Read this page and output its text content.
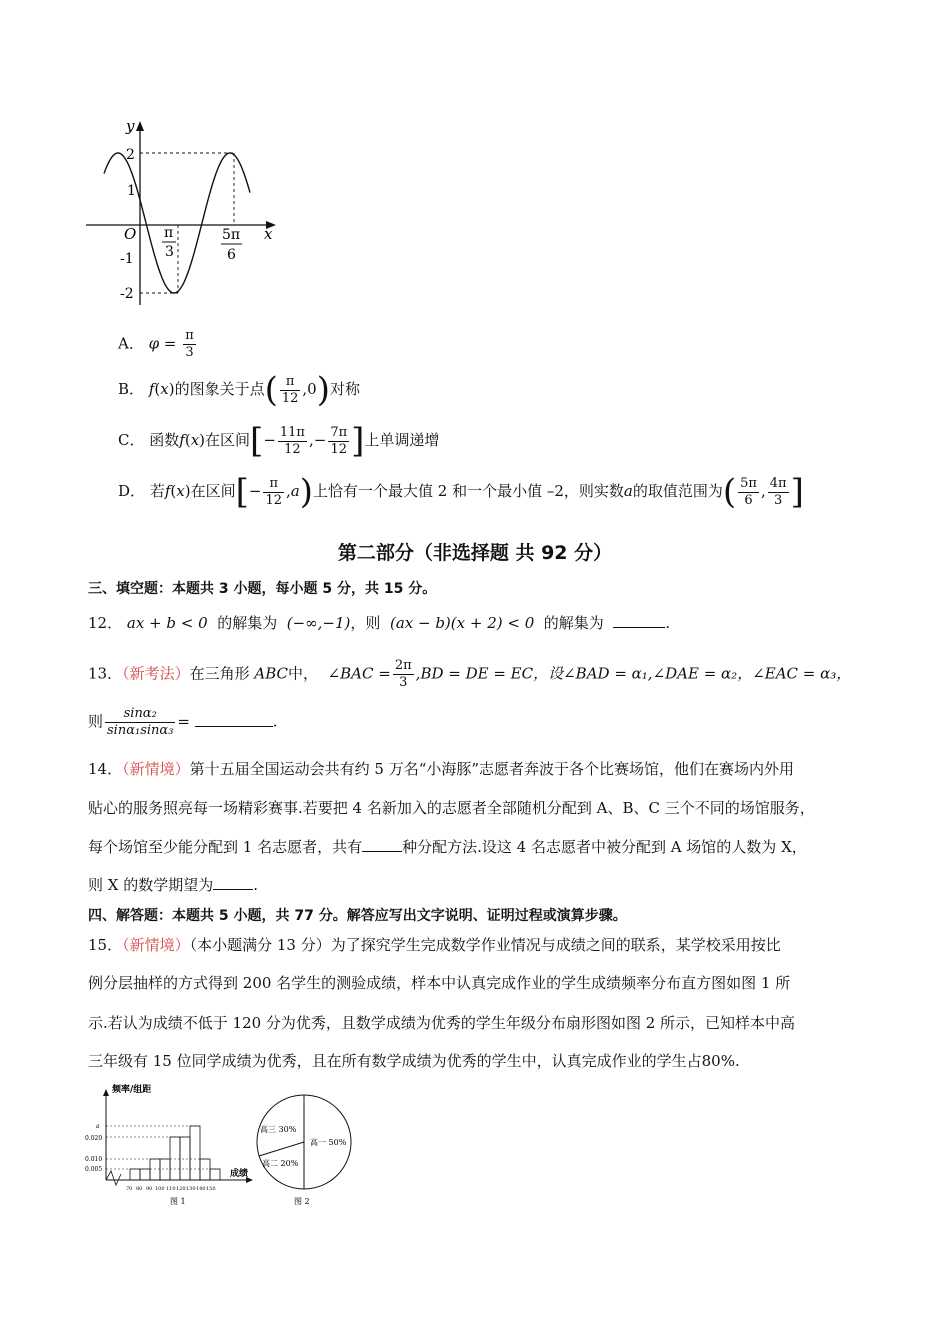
y
x
O
2
1
-1
-2
π
3
5π
6
A． $\varphi = \frac{\pi}{3}$
B． f(x)的图象关于点( $\frac{\pi}{12} ,0$)对称
C． 函数f(x)在区间[− $\frac{11\pi}{12}$ ,− $\frac{7\pi}{12}$ ]上单调递增
D． 若f(x)在区间[− $\frac{\pi}{12} ,a$)上恰有一个最大值 2 和一个最小值 –2，则实数a的取值范围为( $\frac{5\pi}{6}$ , $\frac{4\pi}{3}$ ]
第二部分（非选择题 共 92 分）
三、填空题：本题共 3 小题，每小题 5 分，共 15 分。
12． ax + b < 0 的解集为 (−∞,−1)，则 (ax − b)(x + 2) < 0 的解集为	.
13．（新考法）在三角形 ABC中， ∠BAC = $\frac{2\pi}{3} ,BD$ = DE = EC，设∠BAD = α₁,∠DAE = α₂，∠EAC = α₃，
则 $\frac{\text{sinα₂}}{\text{sinα₁sinα₃}}$ =	.
14．（新情境）第十五届全国运动会共有约 5 万名“小海豚”志愿者奔波于各个比赛场馆，他们在赛场内外用
贴心的服务照亮每一场精彩赛事.若要把 4 名新加入的志愿者全部随机分配到 A、B、C 三个不同的场馆服务，
每个场馆至少能分配到 1 名志愿者，共有	种分配方法.设这 4 名志愿者中被分配到 A 场馆的人数为 X，
则 X 的数学期望为	.
四、解答题：本题共 5 小题，共 77 分。解答应写出文字说明、证明过程或演算步骤。
15．（新情境）（本小题满分 13 分）为了探究学生完成数学作业情况与成绩之间的联系，某学校采用按比
例分层抽样的方式得到 200 名学生的测验成绩，样本中认真完成作业的学生成绩频率分布直方图如图 1 所
示.若认为成绩不低于 120 分为优秀，且数学成绩为优秀的学生年级分布扇形图如图 2 所示，已知样本中高
三年级有 15 位同学成绩为优秀，且在所有数学成绩为优秀的学生中，认真完成作业的学生占80%.
频率/组距
成绩
a
0.020
0.010
0.005
70 80 90 100 110 120 130 140 150
图 1
高一 50%
高三 30%
高二 20%
图 2
